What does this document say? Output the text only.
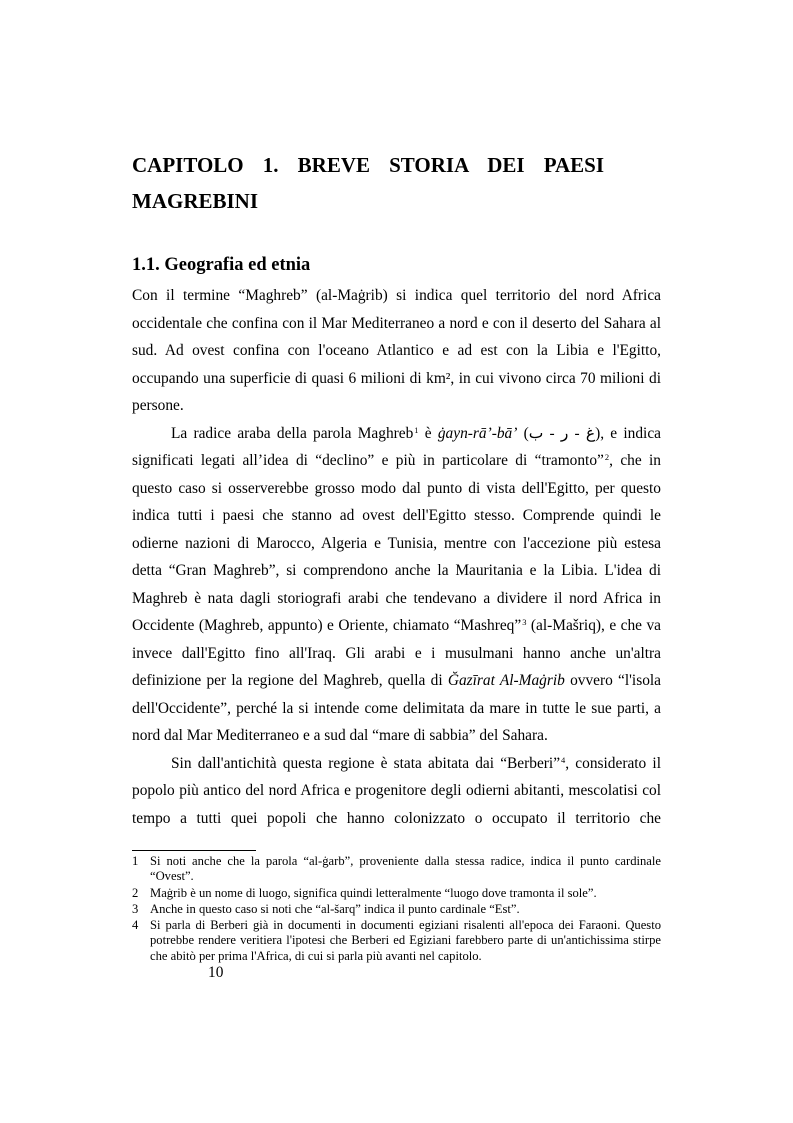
CAPITOLO 1. BREVE STORIA DEI PAESI
MAGREBINI
1.1. Geografia ed etnia
Con il termine “Maghreb” (al-Maġrib) si indica quel territorio del nord Africa
occidentale che confina con il Mar Mediterraneo a nord e con il deserto del Sahara al
sud. Ad ovest confina con l'oceano Atlantico e ad est con la Libia e l'Egitto,
occupando una superficie di quasi 6 milioni di km², in cui vivono circa 70 milioni di
persone.
La radice araba della parola Maghreb$^1$ è ġayn-rā’-bā’ (غ - ر - ب), e indica
significati legati all’idea di “declino” e più in particolare di “tramonto”$^2$, che in
questo caso si osserverebbe grosso modo dal punto di vista dell'Egitto, per questo
indica tutti i paesi che stanno ad ovest dell'Egitto stesso. Comprende quindi le
odierne nazioni di Marocco, Algeria e Tunisia, mentre con l'accezione più estesa
detta “Gran Maghreb”, si comprendono anche la Mauritania e la Libia. L'idea di
Maghreb è nata dagli storiografi arabi che tendevano a dividere il nord Africa in
Occidente (Maghreb, appunto) e Oriente, chiamato “Mashreq”$^3$ (al-Mašriq), e che va
invece dall'Egitto fino all'Iraq. Gli arabi e i musulmani hanno anche un'altra
definizione per la regione del Maghreb, quella di Ğazīrat Al-Maġrib ovvero “l'isola
dell'Occidente”, perché la si intende come delimitata da mare in tutte le sue parti, a
nord dal Mar Mediterraneo e a sud dal “mare di sabbia” del Sahara.
Sin dall'antichità questa regione è stata abitata dai “Berberi”$^4$, considerato il
popolo più antico del nord Africa e progenitore degli odierni abitanti, mescolatisi col
tempo a tutti quei popoli che hanno colonizzato o occupato il territorio che
1 Si noti anche che la parola “al-ġarb”, proveniente dalla stessa radice, indica il punto cardinale
“Ovest”.
2 Maġrib è un nome di luogo, significa quindi letteralmente “luogo dove tramonta il sole”.
3 Anche in questo caso si noti che “al-šarq” indica il punto cardinale “Est”.
4 Si parla di Berberi già in documenti in documenti egiziani risalenti all'epoca dei Faraoni. Questo
potrebbe rendere veritiera l'ipotesi che Berberi ed Egiziani farebbero parte di un'antichissima stirpe
che abitò per prima l'Africa, di cui si parla più avanti nel capitolo.
10
